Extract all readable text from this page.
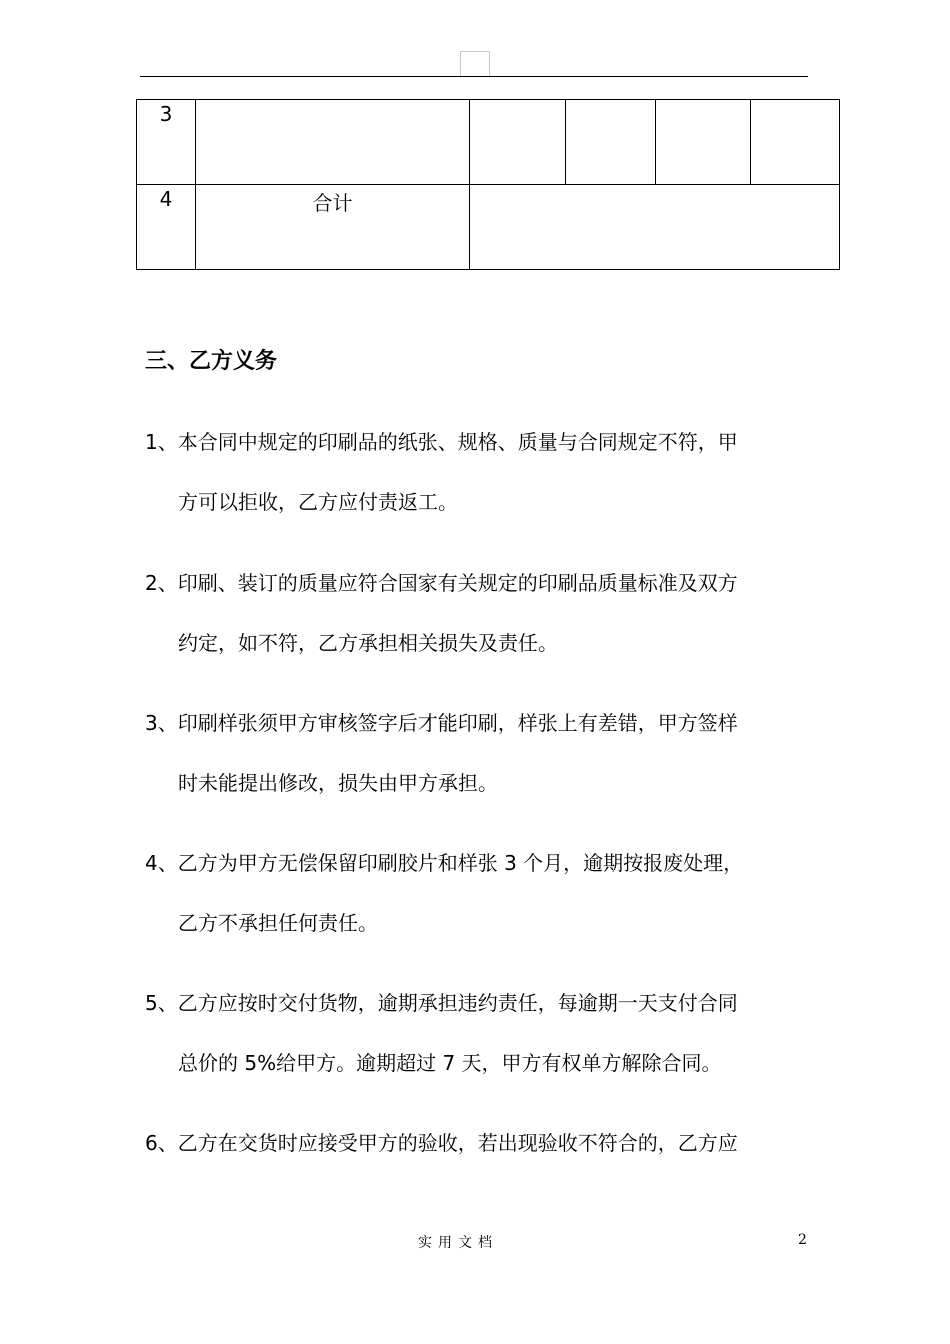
3					
4	合计				
三、乙方义务
1、本合同中规定的印刷品的纸张、规格、质量与合同规定不符，甲
方可以拒收，乙方应付责返工。
2、印刷、装订的质量应符合国家有关规定的印刷品质量标准及双方
约定，如不符，乙方承担相关损失及责任。
3、印刷样张须甲方审核签字后才能印刷，样张上有差错，甲方签样
时未能提出修改，损失由甲方承担。
4、乙方为甲方无偿保留印刷胶片和样张 3 个月，逾期按报废处理，
乙方不承担任何责任。
5、乙方应按时交付货物，逾期承担违约责任，每逾期一天支付合同
总价的 5%给甲方。逾期超过 7 天，甲方有权单方解除合同。
6、乙方在交货时应接受甲方的验收，若出现验收不符合的，乙方应
实用文档	2
